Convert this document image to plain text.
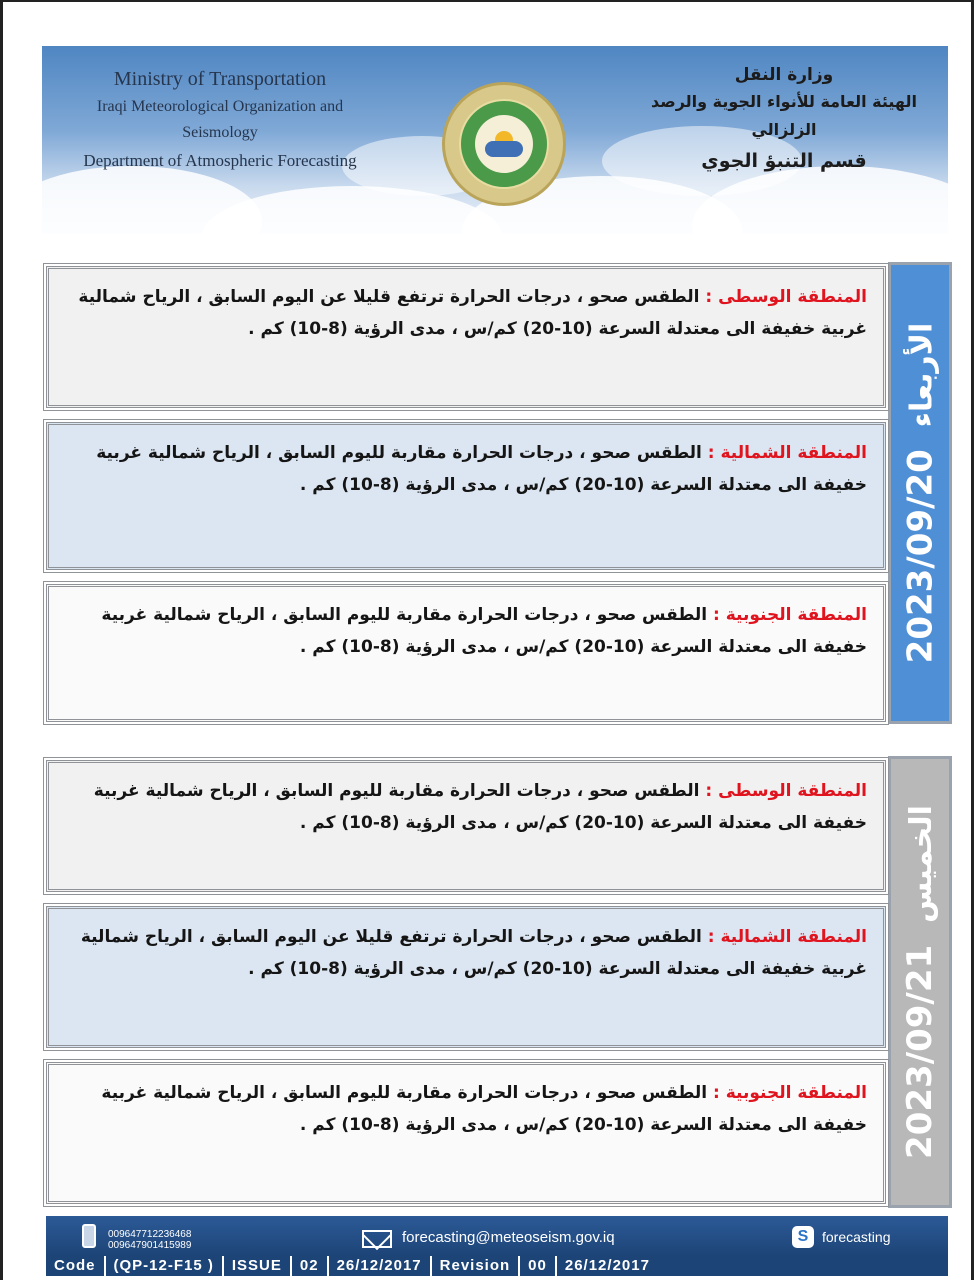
Ministry of Transportation
Iraqi Meteorological Organization and Seismology
Department of Atmospheric Forecasting
وزارة النقل
الهيئة العامة للأنواء الجوية والرصد الزلزالي
قسم التنبؤ الجوي
2023/09/20 الأربعاء
المنطقة الوسطى : الطقس صحو ، درجات الحرارة ترتفع قليلا عن اليوم السابق ، الرياح شمالية غربية خفيفة الى معتدلة السرعة (10-20) كم/س ، مدى الرؤية (8-10) كم .
المنطقة الشمالية : الطقس صحو ، درجات الحرارة مقاربة لليوم السابق ، الرياح شمالية غربية خفيفة الى معتدلة السرعة (10-20) كم/س ، مدى الرؤية (8-10) كم .
المنطقة الجنوبية : الطقس صحو ، درجات الحرارة مقاربة لليوم السابق ، الرياح شمالية غربية خفيفة الى معتدلة السرعة (10-20) كم/س ، مدى الرؤية (8-10) كم .
2023/09/21 الخميس
المنطقة الوسطى : الطقس صحو ، درجات الحرارة مقاربة لليوم السابق ، الرياح شمالية غربية خفيفة الى معتدلة السرعة (10-20) كم/س ، مدى الرؤية (8-10) كم .
المنطقة الشمالية : الطقس صحو ، درجات الحرارة ترتفع قليلا عن اليوم السابق ، الرياح شمالية غربية خفيفة الى معتدلة السرعة (10-20) كم/س ، مدى الرؤية (8-10) كم .
المنطقة الجنوبية : الطقس صحو ، درجات الحرارة مقاربة لليوم السابق ، الرياح شمالية غربية خفيفة الى معتدلة السرعة (10-20) كم/س ، مدى الرؤية (8-10) كم .
009647712236468
009647901415989	forecasting@meteoseism.gov.iq	S forecasting
Code	(QP-12-F15 )	ISSUE	02	26/12/2017	Revision	00	26/12/2017
